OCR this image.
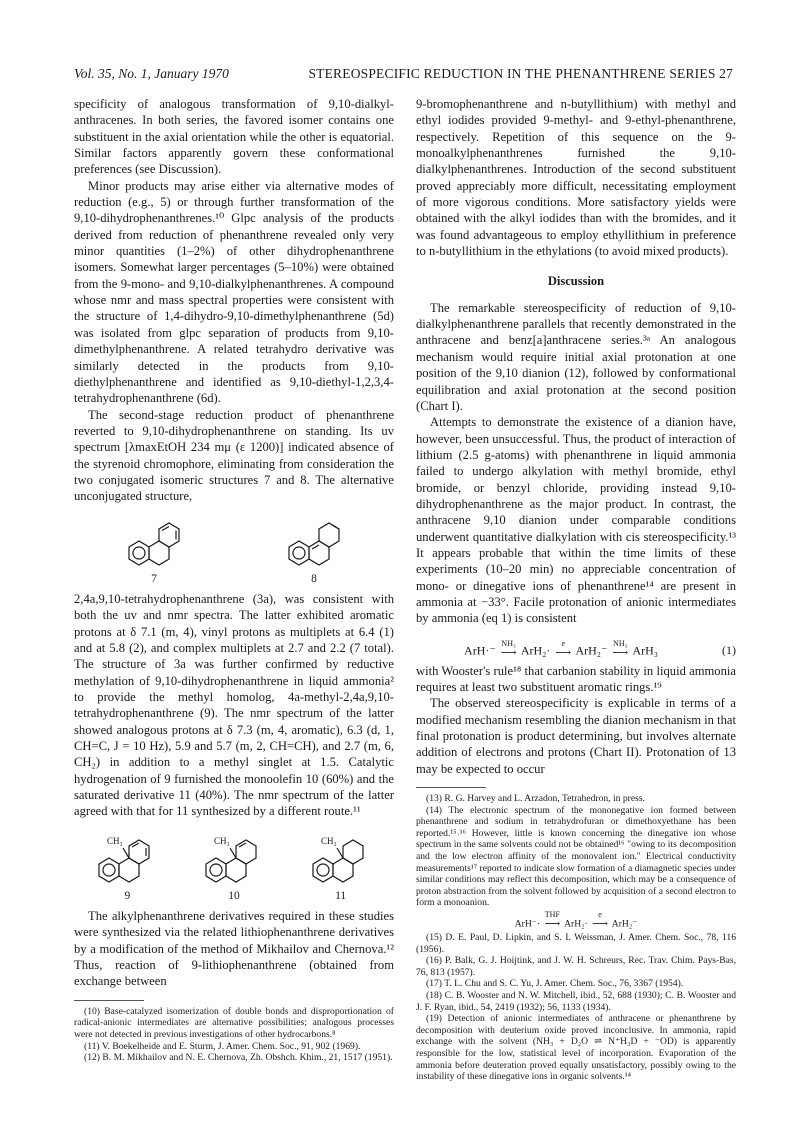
Vol. 35, No. 1, January 1970	STEREOSPECIFIC REDUCTION IN THE PHENANTHRENE SERIES 27

specificity of analogous transformation of 9,10-dialkyl-anthracenes. In both series, the favored isomer contains one substituent in the axial orientation while the other is equatorial. Similar factors apparently govern these conformational preferences (see Discussion).

Minor products may arise either via alternative modes of reduction (e.g., 5) or through further transformation of the 9,10-dihydrophenanthrenes.¹⁰ Glpc analysis of the products derived from reduction of phenanthrene revealed only very minor quantities (1–2%) of other dihydrophenanthrene isomers. Somewhat larger percentages (5–10%) were obtained from the 9-mono- and 9,10-dialkylphenanthrenes. A compound whose nmr and mass spectral properties were consistent with the structure of 1,4-dihydro-9,10-dimethylphenanthrene (5d) was isolated from glpc separation of products from 9,10-dimethylphenanthrene. A related tetrahydro derivative was similarly detected in the products from 9,10-diethylphenanthrene and identified as 9,10-diethyl-1,2,3,4-tetrahydrophenanthrene (6d).

The second-stage reduction product of phenanthrene reverted to 9,10-dihydrophenanthrene on standing. Its uv spectrum [λmaxEtOH 234 mμ (ε 1200)] indicated absence of the styrenoid chromophore, eliminating from consideration the two conjugated isomeric structures 7 and 8. The alternative unconjugated structure,

7	8

2,4a,9,10-tetrahydrophenanthrene (3a), was consistent with both the uv and nmr spectra. The latter exhibited aromatic protons at δ 7.1 (m, 4), vinyl protons as multiplets at 6.4 (1) and at 5.8 (2), and complex multiplets at 2.7 and 2.2 (7 total). The structure of 3a was further confirmed by reductive methylation of 9,10-dihydrophenanthrene in liquid ammonia² to provide the methyl homolog, 4a-methyl-2,4a,9,10-tetrahydrophenanthrene (9). The nmr spectrum of the latter showed analogous protons at δ 7.3 (m, 4, aromatic), 6.3 (d, 1, CH=C, J = 10 Hz), 5.9 and 5.7 (m, 2, CH=CH), and 2.7 (m, 6, CH₂) in addition to a methyl singlet at 1.5. Catalytic hydrogenation of 9 furnished the monoolefin 10 (60%) and the saturated derivative 11 (40%). The nmr spectrum of the latter agreed with that for 11 synthesized by a different route.¹¹

CH₃
9
CH₃
10
CH₃
11

The alkylphenanthrene derivatives required in these studies were synthesized via the related lithiophenanthrene derivatives by a modification of the method of Mikhailov and Chernova.¹² Thus, reaction of 9-lithiophenanthrene (obtained from exchange between

(10) Base-catalyzed isomerization of double bonds and disproportionation of radical-anionic intermediates are alternative possibilities; analogous processes were not detected in previous investigations of other hydrocarbons.⁸

(11) V. Boekelheide and E. Sturm, J. Amer. Chem. Soc., 91, 902 (1969).

(12) B. M. Mikhailov and N. E. Chernova, Zh. Obshch. Khim., 21, 1517 (1951).

9-bromophenanthrene and n-butyllithium) with methyl and ethyl iodides provided 9-methyl- and 9-ethyl-phenanthrene, respectively. Repetition of this sequence on the 9-monoalkylphenanthrenes furnished the 9,10-dialkylphenanthrenes. Introduction of the second substituent proved appreciably more difficult, necessitating employment of more vigorous conditions. More satisfactory yields were obtained with the alkyl iodides than with the bromides, and it was found advantageous to employ ethyllithium in preference to n-butyllithium in the ethylations (to avoid mixed products).

Discussion

The remarkable stereospecificity of reduction of 9,10-dialkylphenanthrene parallels that recently demonstrated in the anthracene and benz[a]anthracene series.³ᵃ An analogous mechanism would require initial axial protonation at one position of the 9,10 dianion (12), followed by conformational equilibration and axial protonation at the second position (Chart I).

Attempts to demonstrate the existence of a dianion have, however, been unsuccessful. Thus, the product of interaction of lithium (2.5 g-atoms) with phenanthrene in liquid ammonia failed to undergo alkylation with methyl bromide, ethyl bromide, or benzyl chloride, providing instead 9,10-dihydrophenanthrene as the major product. In contrast, the anthracene 9,10 dianion under comparable conditions underwent quantitative dialkylation with cis stereospecificity.¹³ It appears probable that within the time limits of these experiments (10–20 min) no appreciable concentration of mono- or dinegative ions of phenanthrene¹⁴ are present in ammonia at −33°. Facile protonation of anionic intermediates by ammonia (eq 1) is consistent

ArH·⁻
NH₃
⟶ ArH₂·
e
⟶ ArH₂⁻
NH₃
⟶ ArH₃	(1)

with Wooster's rule¹⁸ that carbanion stability in liquid ammonia requires at least two substituent aromatic rings.¹⁹

The observed stereospecificity is explicable in terms of a modified mechanism resembling the dianion mechanism in that final protonation is product determining, but involves alternate addition of electrons and protons (Chart II). Protonation of 13 may be expected to occur

(13) R. G. Harvey and L. Arzadon, Tetrahedron, in press.

(14) The electronic spectrum of the mononegative ion formed between phenanthrene and sodium in tetrahydrofuran or dimethoxyethane has been reported.¹⁵˒¹⁶ However, little is known concerning the dinegative ion whose spectrum in the same solvents could not be obtained¹⁶ "owing to its decomposition and the low electron affinity of the monovalent ion." Electrical conductivity measurements¹⁷ reported to indicate slow formation of a diamagnetic species under similar conditions may reflect this decomposition, which may be a consequence of proton abstraction from the solvent followed by acquisition of a second electron to form a monoanion.

ArH⁻·
THF
⟶ ArH₂·
e
⟶ ArH₂⁻

(15) D. E. Paul, D. Lipkin, and S. I. Weissman, J. Amer. Chem. Soc., 78, 116 (1956).

(16) P. Balk, G. J. Hoijtink, and J. W. H. Schreurs, Rec. Trav. Chim. Pays-Bas, 76, 813 (1957).

(17) T. L. Chu and S. C. Yu, J. Amer. Chem. Soc., 76, 3367 (1954).

(18) C. B. Wooster and N. W. Mitchell, ibid., 52, 688 (1930); C. B. Wooster and J. F. Ryan, ibid., 54, 2419 (1932); 56, 1133 (1934).

(19) Detection of anionic intermediates of anthracene or phenanthrene by decomposition with deuterium oxide proved inconclusive. In ammonia, rapid exchange with the solvent (NH₃ + D₂O ⇌ N⁺H₃D + ⁻OD) is apparently responsible for the low, statistical level of incorporation. Evaporation of the ammonia before deuteration proved equally unsatisfactory, possibly owing to the instability of these dinegative ions in organic solvents.¹⁴
